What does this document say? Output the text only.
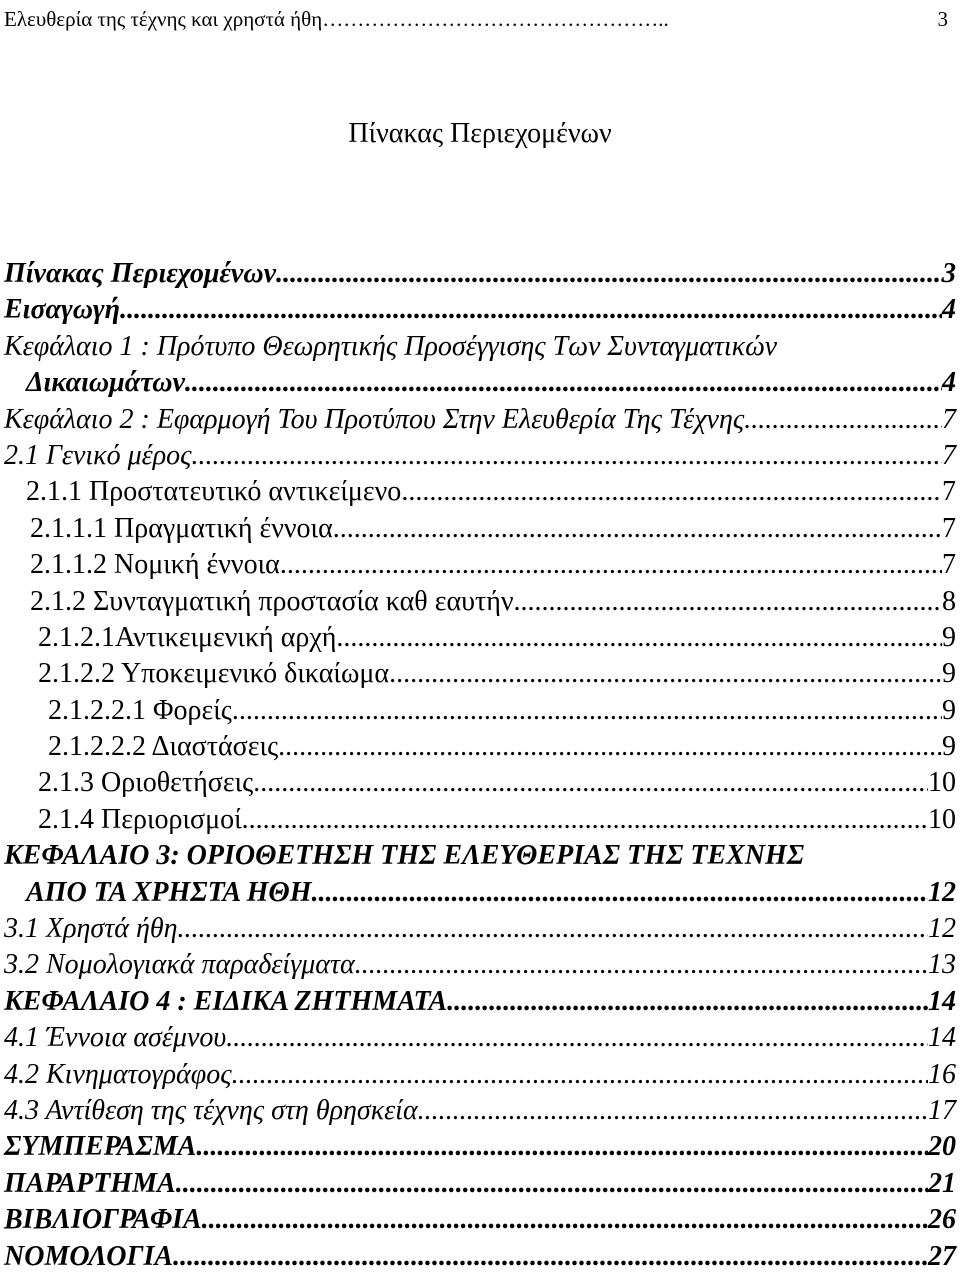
Ελευθερία της τέχνης και χρηστά ήθη …………………………………………..	3
Πίνακας Περιεχομένων
Πίνακας Περιεχομένων .....	3
Εισαγωγή .....	4
Κεφάλαιο 1 : Πρότυπο Θεωρητικής Προσέγγισης Των Συνταγματικών
Δικαιωμάτων .....	4
Κεφάλαιο 2 : Εφαρμογή Του Προτύπου Στην Ελευθερία Της Τέχνης .....	7
2.1 Γενικό μέρος .....	7
2.1.1 Προστατευτικό αντικείμενο .....	7
2.1.1.1 Πραγματική έννοια .....	7
2.1.1.2 Νομική έννοια .....	7
2.1.2 Συνταγματική προστασία καθ εαυτήν .....	8
2.1.2.1Αντικειμενική αρχή .....	9
2.1.2.2 Υποκειμενικό δικαίωμα .....	9
2.1.2.2.1 Φορείς .....	9
2.1.2.2.2 Διαστάσεις .....	9
2.1.3 Οριοθετήσεις .....	10
2.1.4 Περιορισμοί .....	10
ΚΕΦΑΛΑΙΟ 3: ΟΡΙΟΘΕΤΗΣΗ ΤΗΣ ΕΛΕΥΘΕΡΙΑΣ ΤΗΣ ΤΕΧΝΗΣ
ΑΠΟ ΤΑ ΧΡΗΣΤΑ ΗΘΗ .....	12
3.1 Χρηστά ήθη .....	12
3.2 Νομολογιακά παραδείγματα .....	13
ΚΕΦΑΛΑΙΟ 4 : ΕΙΔΙΚΑ ΖΗΤΗΜΑΤΑ .....	14
4.1 Έννοια ασέμνου .....	14
4.2 Κινηματογράφος .....	16
4.3 Αντίθεση της τέχνης στη θρησκεία .....	17
ΣΥΜΠΕΡΑΣΜΑ .....	20
ΠΑΡΑΡΤΗΜΑ .....	21
ΒΙΒΛΙΟΓΡΑΦΙΑ .....	26
ΝΟΜΟΛΟΓΙΑ .....	27
